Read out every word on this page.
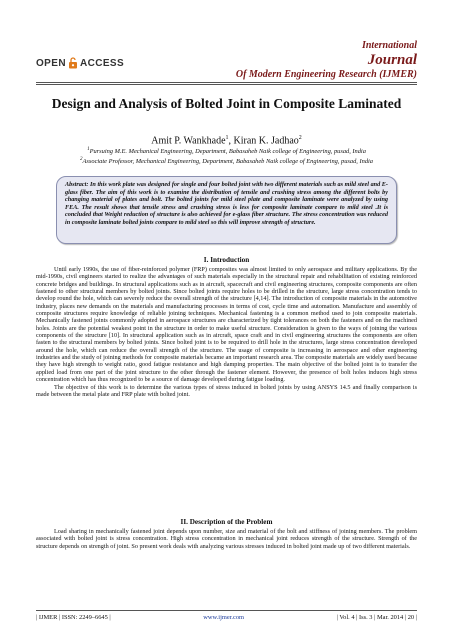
OPEN ACCESS
International
Journal
Of Modern Engineering Research (IJMER)
Design and Analysis of Bolted Joint in Composite Laminated
Amit P. Wankhade$^1$, Kiran K. Jadhao$^2$
$^1$Pursuing M.E. Mechanical Engineering, Department, Babasaheb Naik college of Engineering, pusad, India
$^2$Associate Professor, Mechanical Engineering, Department, Babasaheb Naik college of Engineering, pusad, India
Abstract: In this work plate was designed for single and four bolted joint with two different materials such as mild steel and E-glass fiber. The aim of this work is to examine the distribution of tensile and crushing stress among the different bolts by changing material of plates and bolt. The bolted joints for mild steel plate and composite laminate were analyzed by using FEA. The result shows that tensile stress and crushing stress is less for composite laminate compare to mild steel .It is concluded that Weight reduction of structure is also achieved for e-glass fiber structure. The stress concentration was reduced in composite laminate bolted joints compare to mild steel so this will improve strength of structure.
I. Introduction

Until early 1990s, the use of fiber-reinforced polymer (FRP) composites was almost limited to only aerospace and military applications. By the mid-1990s, civil engineers started to realize the advantages of such materials especially in the structural repair and rehabilitation of existing reinforced concrete bridges and buildings. In structural applications such as in aircraft, spacecraft and civil engineering structures, composite components are often fastened to other structural members by bolted joints. Since bolted joints require holes to be drilled in the structure, large stress concentration tends to develop round the hole, which can severely reduce the overall strength of the structure [4,14]. The introduction of composite materials in the automotive industry, places new demands on the materials and manufacturing processes in terms of cost, cycle time and automation. Manufacture and assembly of composite structures require knowledge of reliable joining techniques. Mechanical fastening is a common method used to join composite materials. Mechanically fastened joints commonly adopted in aerospace structures are characterized by tight tolerances on both the fasteners and on the machined holes. Joints are the potential weakest point in the structure in order to make useful structure. Consideration is given to the ways of joining the various components of the structure [10]. In structural application such as in aircraft, space craft and in civil engineering structures the components are often fasten to the structural members by bolted joints. Since bolted joint is to be required to drill hole in the structures, large stress concentration developed around the hole, which can reduce the overall strength of the structure. The usage of composite is increasing in aerospace and other engineering industries and the study of joining methods for composite materials became an important research area. The composite materials are widely used because they have high strength to weight ratio, good fatigue resistance and high damping properties. The main objective of the bolted joint is to transfer the applied load from one part of the joint structure to the other through the fastener element. However, the presence of bolt holes induces high stress concentration which has thus recognized to be a source of damage developed during fatigue loading.

The objective of this work is to determine the various types of stress induced in bolted joints by using ANSYS 14.5 and finally comparison is made between the metal plate and FRP plate with bolted joint.

II. Description of the Problem

Load sharing in mechanically fastened joint depends upon number, size and material of the bolt and stiffness of joining members. The problem associated with bolted joint is stress concentration. High stress concentration in mechanical joint reduces strength of the structure. Strength of the structure depends on strength of joint. So present work deals with analyzing various stresses induced in bolted joint made up of two different materials.

| IJMER | ISSN: 2249–6645 |	www.ijmer.com	| Vol. 4 | Iss. 3 | Mar. 2014 | 20 |
